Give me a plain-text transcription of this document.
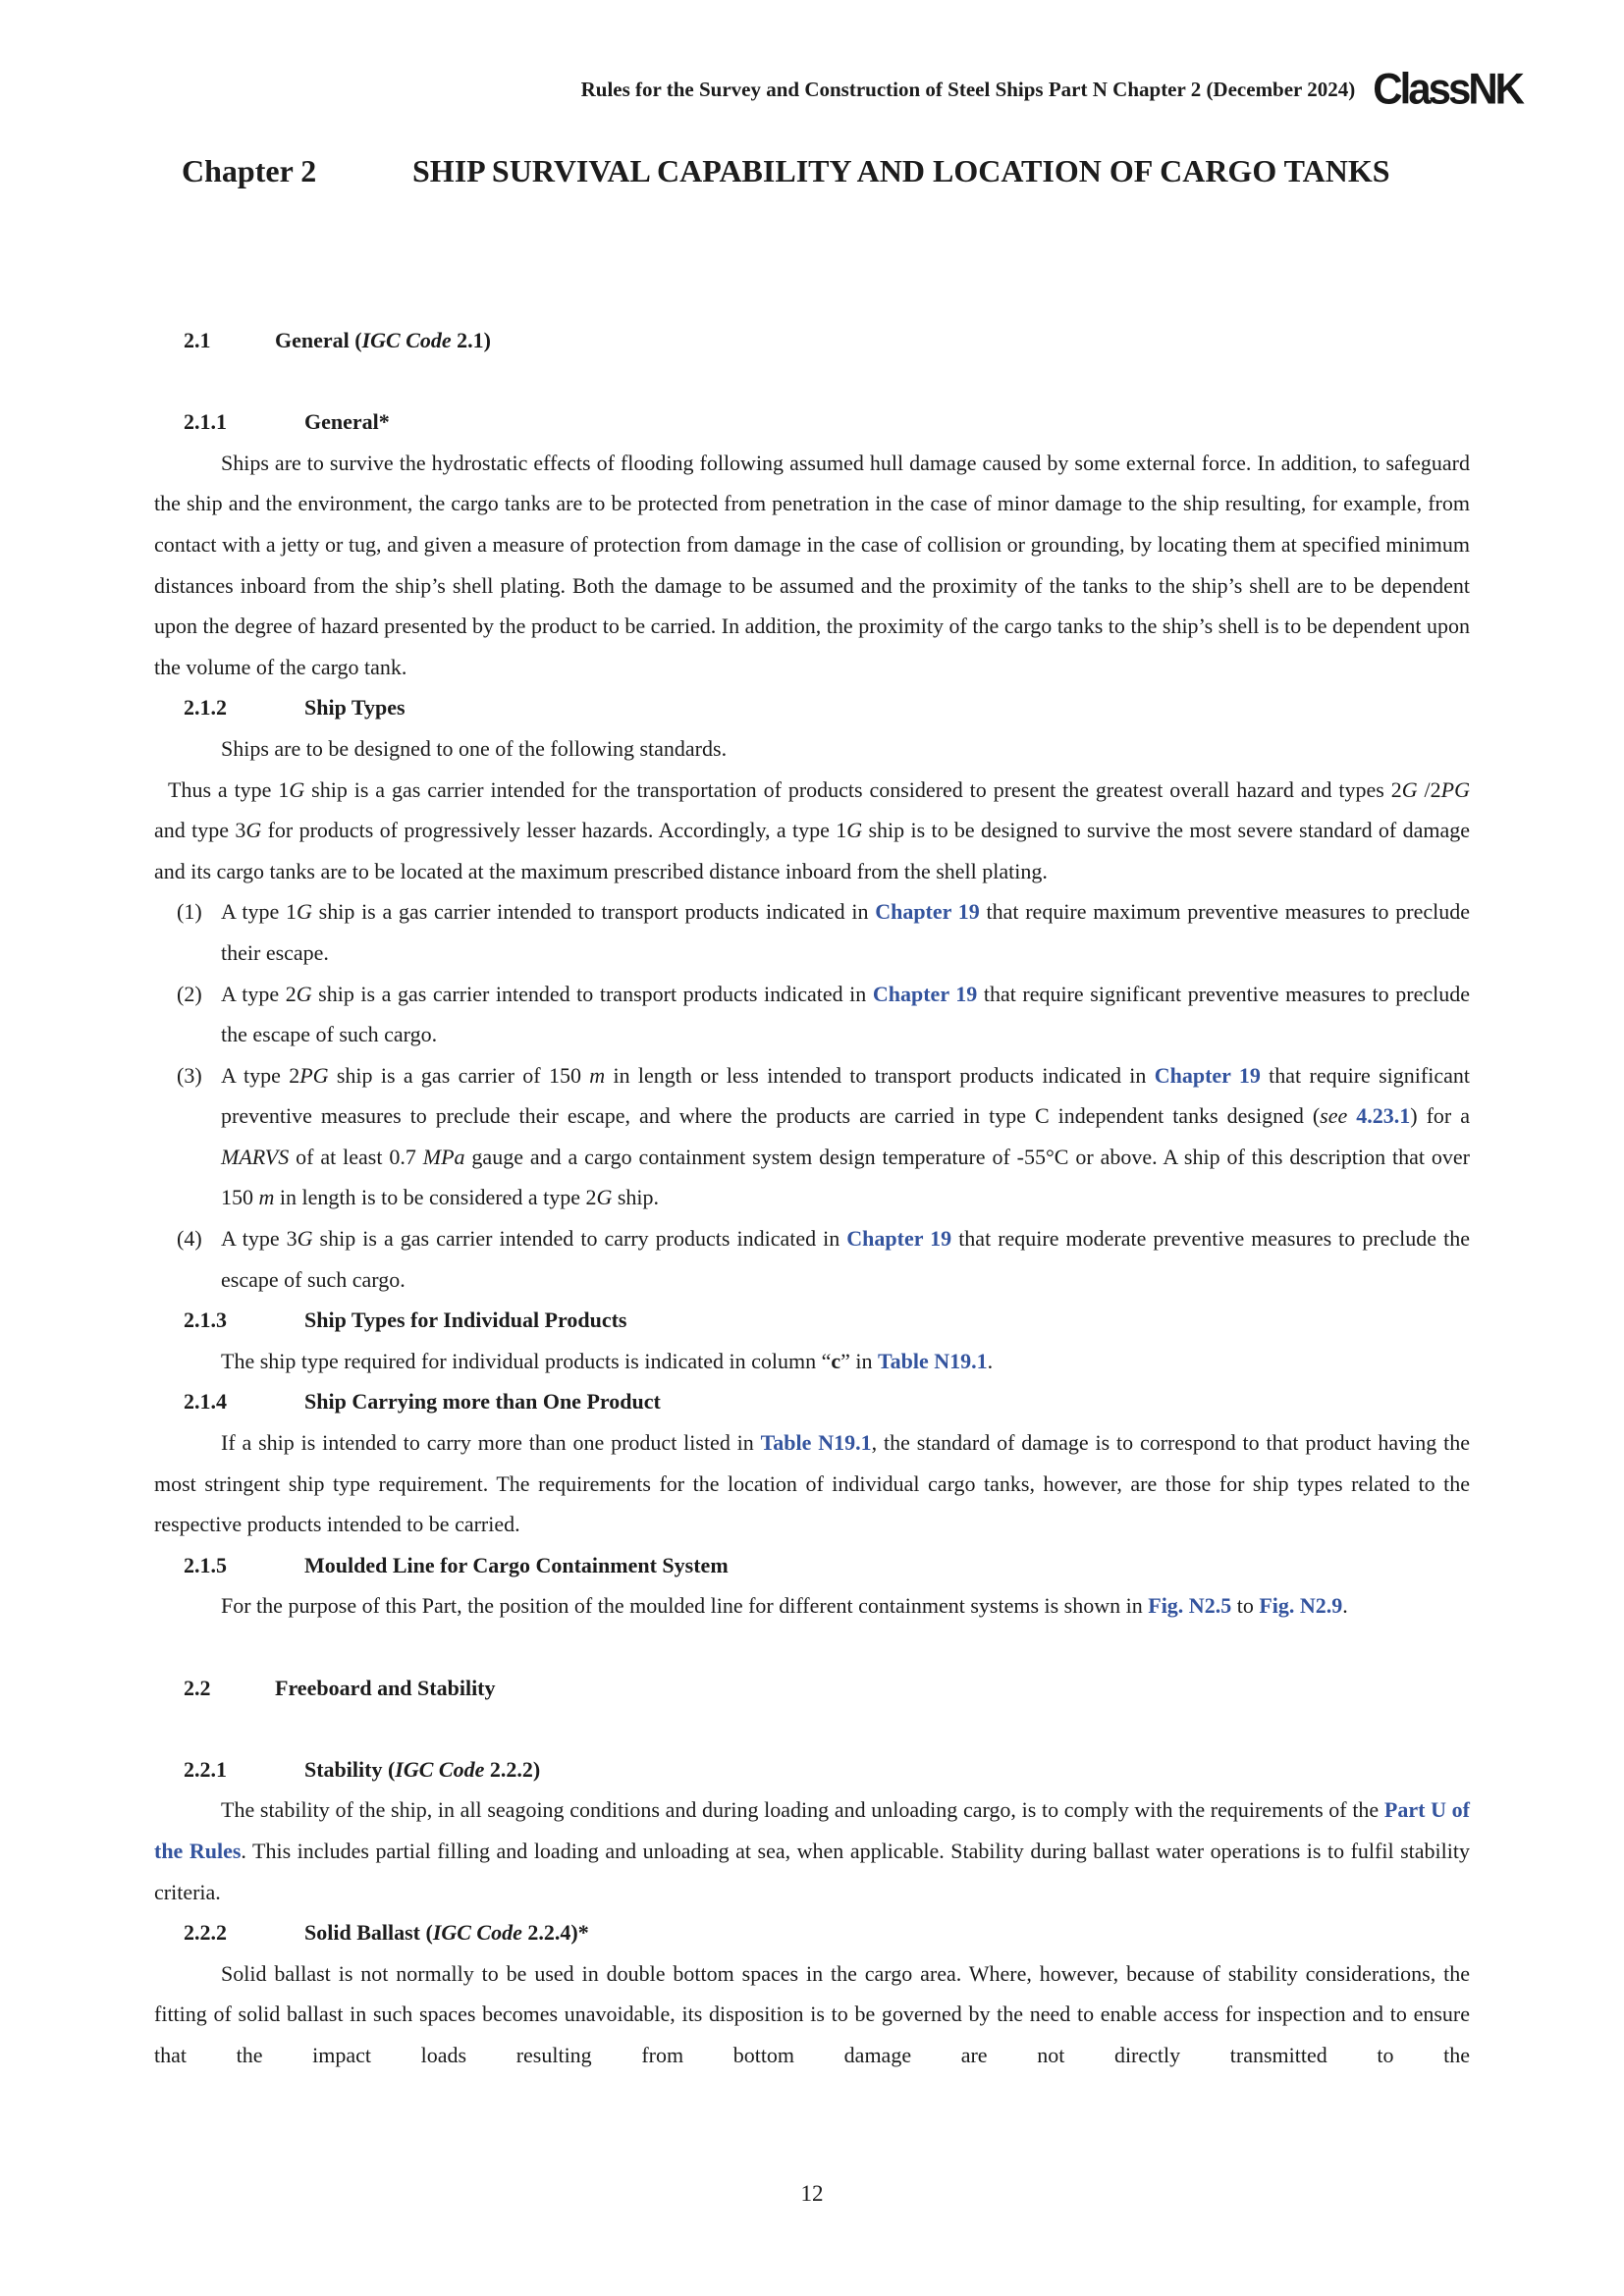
Rules for the Survey and Construction of Steel Ships Part N Chapter 2 (December 2024) ClassNK
Chapter 2	SHIP SURVIVAL CAPABILITY AND LOCATION OF CARGO TANKS
2.1	General (IGC Code 2.1)
2.1.1	General*

Ships are to survive the hydrostatic effects of flooding following assumed hull damage caused by some external force. In addition, to safeguard the ship and the environment, the cargo tanks are to be protected from penetration in the case of minor damage to the ship resulting, for example, from contact with a jetty or tug, and given a measure of protection from damage in the case of collision or grounding, by locating them at specified minimum distances inboard from the ship’s shell plating. Both the damage to be assumed and the proximity of the tanks to the ship’s shell are to be dependent upon the degree of hazard presented by the product to be carried. In addition, the proximity of the cargo tanks to the ship’s shell is to be dependent upon the volume of the cargo tank.

2.1.2	Ship Types

Ships are to be designed to one of the following standards.

Thus a type 1G ship is a gas carrier intended for the transportation of products considered to present the greatest overall hazard and types 2G /2PG and type 3G for products of progressively lesser hazards. Accordingly, a type 1G ship is to be designed to survive the most severe standard of damage and its cargo tanks are to be located at the maximum prescribed distance inboard from the shell plating.

(1) A type 1G ship is a gas carrier intended to transport products indicated in Chapter 19 that require maximum preventive measures to preclude their escape.
(2) A type 2G ship is a gas carrier intended to transport products indicated in Chapter 19 that require significant preventive measures to preclude the escape of such cargo.
(3) A type 2PG ship is a gas carrier of 150 m in length or less intended to transport products indicated in Chapter 19 that require significant preventive measures to preclude their escape, and where the products are carried in type C independent tanks designed (see 4.23.1) for a MARVS of at least 0.7 MPa gauge and a cargo containment system design temperature of -55°C or above. A ship of this description that over 150 m in length is to be considered a type 2G ship.
(4) A type 3G ship is a gas carrier intended to carry products indicated in Chapter 19 that require moderate preventive measures to preclude the escape of such cargo.
2.1.3	Ship Types for Individual Products

The ship type required for individual products is indicated in column “c” in Table N19.1.

2.1.4	Ship Carrying more than One Product

If a ship is intended to carry more than one product listed in Table N19.1, the standard of damage is to correspond to that product having the most stringent ship type requirement. The requirements for the location of individual cargo tanks, however, are those for ship types related to the respective products intended to be carried.

2.1.5	Moulded Line for Cargo Containment System

For the purpose of this Part, the position of the moulded line for different containment systems is shown in Fig. N2.5 to Fig. N2.9.

2.2	Freeboard and Stability
2.2.1	Stability (IGC Code 2.2.2)

The stability of the ship, in all seagoing conditions and during loading and unloading cargo, is to comply with the requirements of the Part U of the Rules. This includes partial filling and loading and unloading at sea, when applicable. Stability during ballast water operations is to fulfil stability criteria.

2.2.2	Solid Ballast (IGC Code 2.2.4)*

Solid ballast is not normally to be used in double bottom spaces in the cargo area. Where, however, because of stability considerations, the fitting of solid ballast in such spaces becomes unavoidable, its disposition is to be governed by the need to enable access for inspection and to ensure that the impact loads resulting from bottom damage are not directly transmitted to the

12
